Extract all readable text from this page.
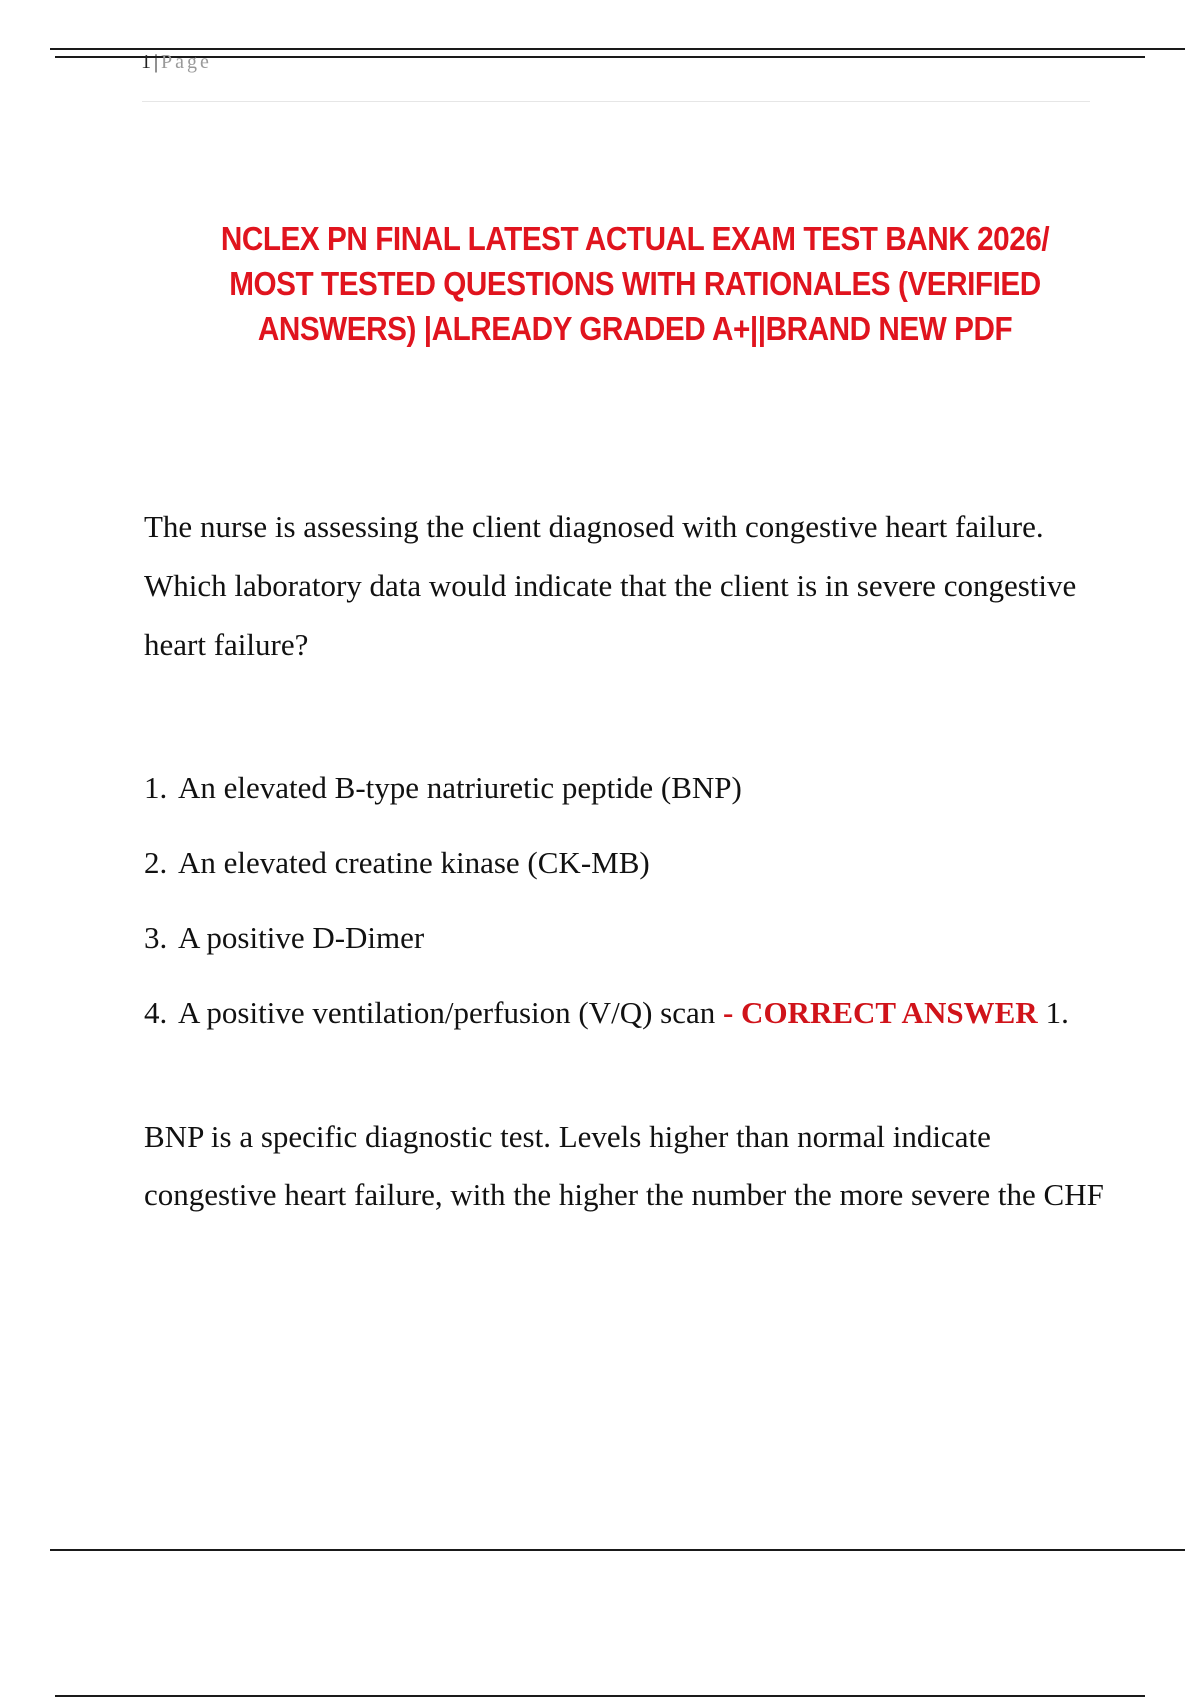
1 | Page
NCLEX PN FINAL LATEST ACTUAL EXAM TEST BANK 2026/
MOST TESTED QUESTIONS WITH RATIONALES (VERIFIED
ANSWERS) |ALREADY GRADED A+||BRAND NEW PDF
The nurse is assessing the client diagnosed with congestive heart failure. Which laboratory data would indicate that the client is in severe congestive heart failure?
1. An elevated B-type natriuretic peptide (BNP)
2. An elevated creatine kinase (CK-MB)
3. A positive D-Dimer
4. A positive ventilation/perfusion (V/Q) scan - CORRECT ANSWER 1.
BNP is a specific diagnostic test. Levels higher than normal indicate congestive heart failure, with the higher the number the more severe the CHF
